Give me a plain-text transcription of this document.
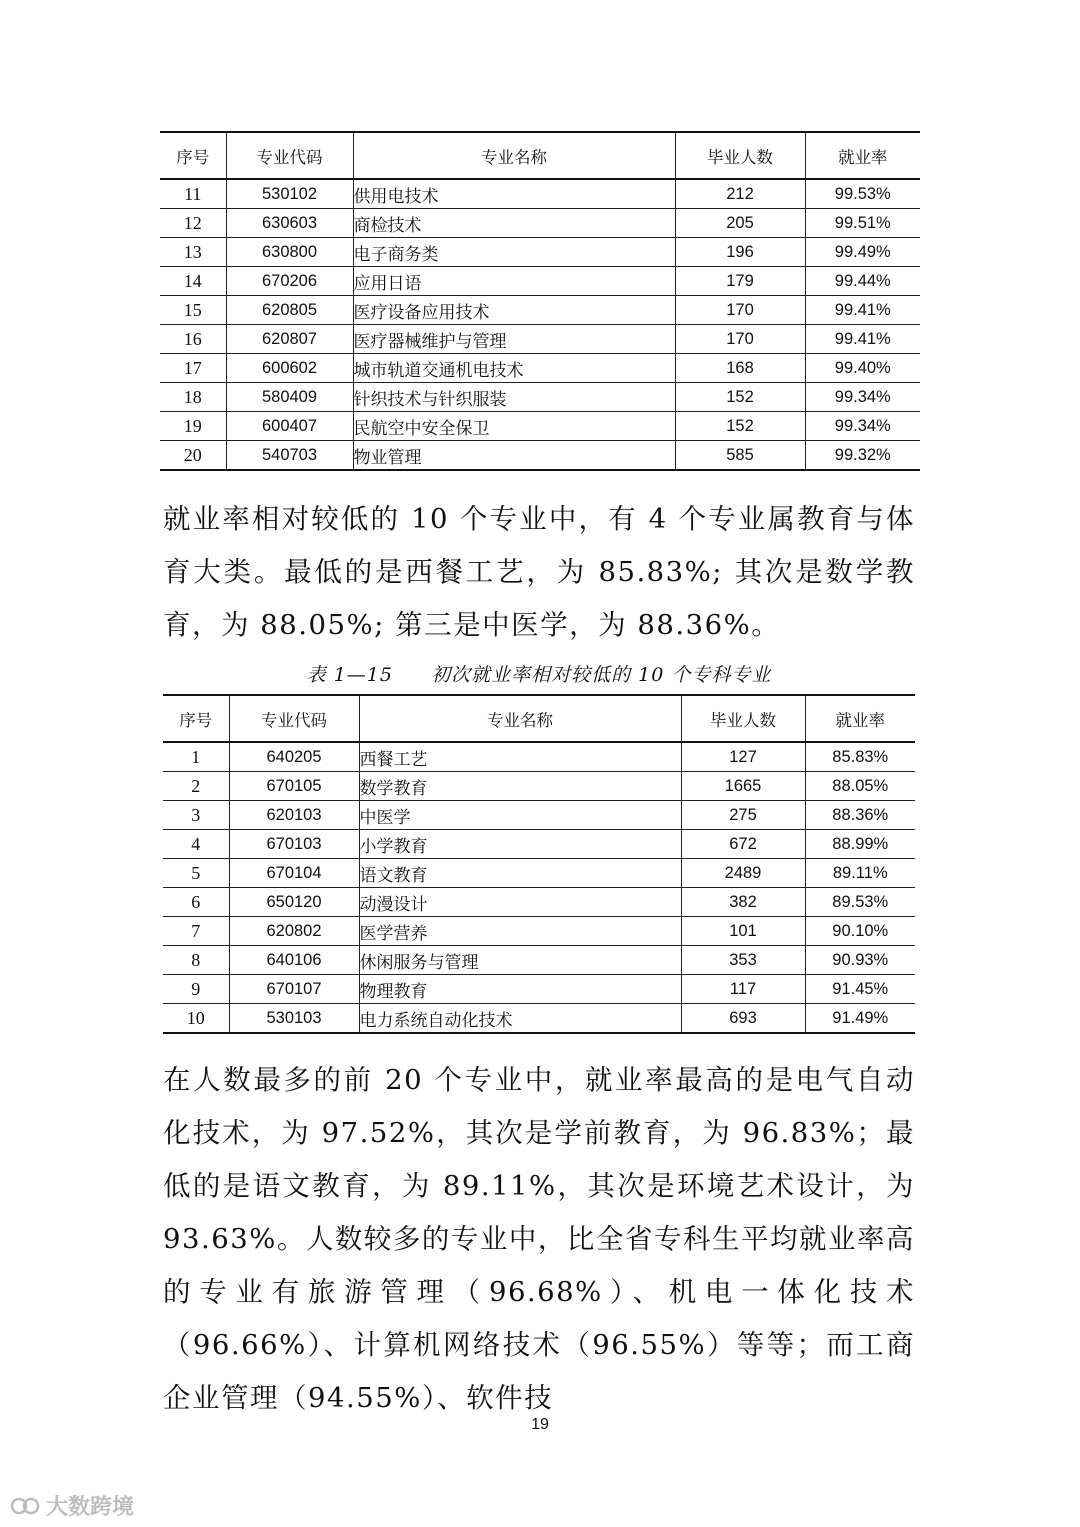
序号	专业代码	专业名称	毕业人数	就业率
11	530102	供用电技术	212	99.53%
12	630603	商检技术	205	99.51%
13	630800	电子商务类	196	99.49%
14	670206	应用日语	179	99.44%
15	620805	医疗设备应用技术	170	99.41%
16	620807	医疗器械维护与管理	170	99.41%
17	600602	城市轨道交通机电技术	168	99.40%
18	580409	针织技术与针织服装	152	99.34%
19	600407	民航空中安全保卫	152	99.34%
20	540703	物业管理	585	99.32%

就业率相对较低的 10 个专业中，有 4 个专业属教育与体育大类。最低的是西餐工艺，为 85.83%; 其次是数学教育，为 88.05%; 第三是中医学，为 88.36%。

表 1—15 初次就业率相对较低的 10 个专科专业
序号	专业代码	专业名称	毕业人数	就业率
1	640205	西餐工艺	127	85.83%
2	670105	数学教育	1665	88.05%
3	620103	中医学	275	88.36%
4	670103	小学教育	672	88.99%
5	670104	语文教育	2489	89.11%
6	650120	动漫设计	382	89.53%
7	620802	医学营养	101	90.10%
8	640106	休闲服务与管理	353	90.93%
9	670107	物理教育	117	91.45%
10	530103	电力系统自动化技术	693	91.49%

在人数最多的前 20 个专业中，就业率最高的是电气自动化技术，为 97.52%，其次是学前教育，为 96.83%；最低的是语文教育，为 89.11%，其次是环境艺术设计，为 93.63%。人数较多的专业中，比全省专科生平均就业率高的专业有旅游管理（96.68%）、机电一体化技术（96.66%）、计算机网络技术（96.55%）等等；而工商企业管理（94.55%）、软件技

19
大数跨境
